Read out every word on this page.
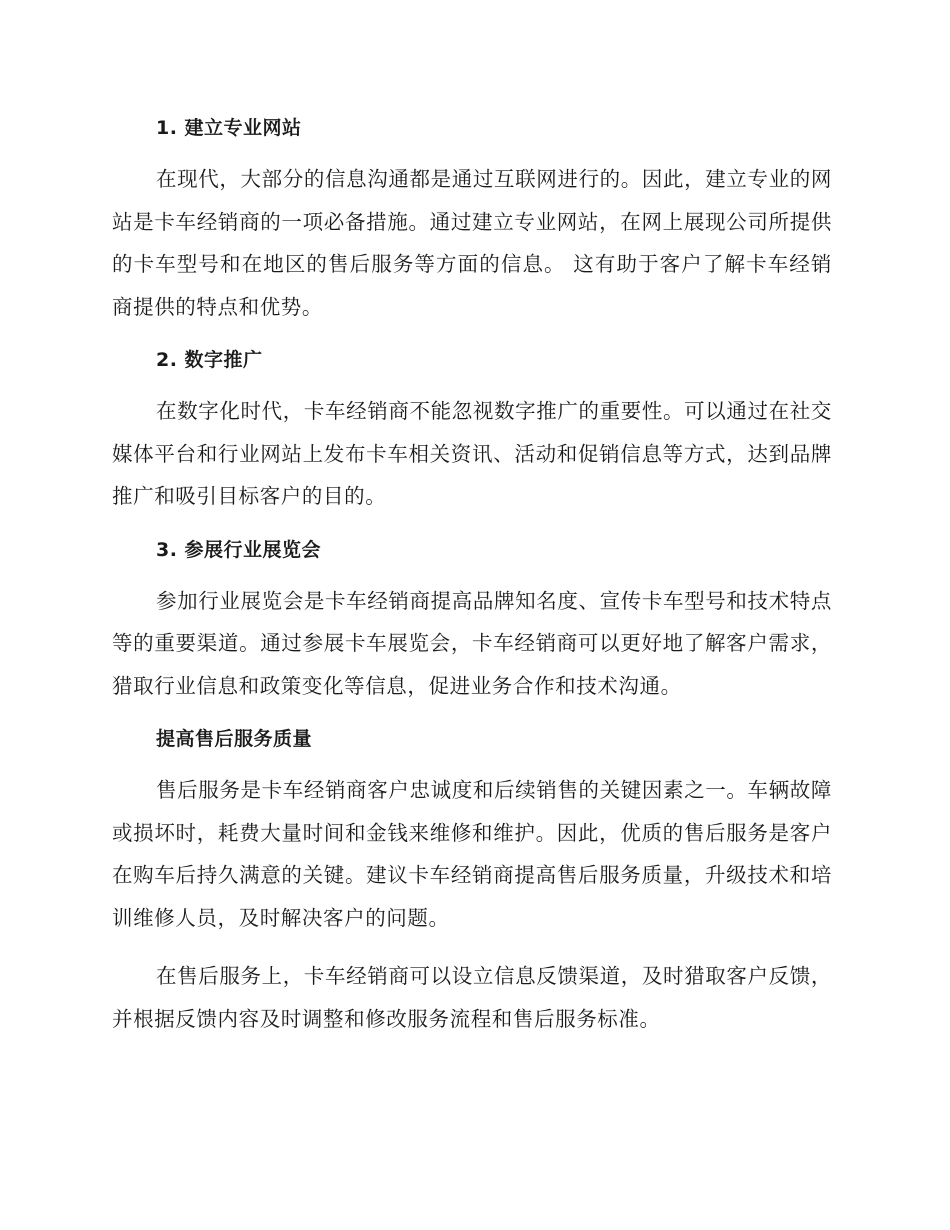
1. 建立专业网站

在现代，大部分的信息沟通都是通过互联网进行的。因此，建立专业的网站是卡车经销商的一项必备措施。通过建立专业网站，在网上展现公司所提供的卡车型号和在地区的售后服务等方面的信息。 这有助于客户了解卡车经销商提供的特点和优势。

2. 数字推广

在数字化时代，卡车经销商不能忽视数字推广的重要性。可以通过在社交媒体平台和行业网站上发布卡车相关资讯、活动和促销信息等方式，达到品牌推广和吸引目标客户的目的。

3. 参展行业展览会

参加行业展览会是卡车经销商提高品牌知名度、宣传卡车型号和技术特点等的重要渠道。通过参展卡车展览会，卡车经销商可以更好地了解客户需求，猎取行业信息和政策变化等信息，促进业务合作和技术沟通。

提高售后服务质量

售后服务是卡车经销商客户忠诚度和后续销售的关键因素之一。车辆故障或损坏时，耗费大量时间和金钱来维修和维护。因此，优质的售后服务是客户在购车后持久满意的关键。建议卡车经销商提高售后服务质量，升级技术和培训维修人员，及时解决客户的问题。

在售后服务上，卡车经销商可以设立信息反馈渠道，及时猎取客户反馈，并根据反馈内容及时调整和修改服务流程和售后服务标准。
